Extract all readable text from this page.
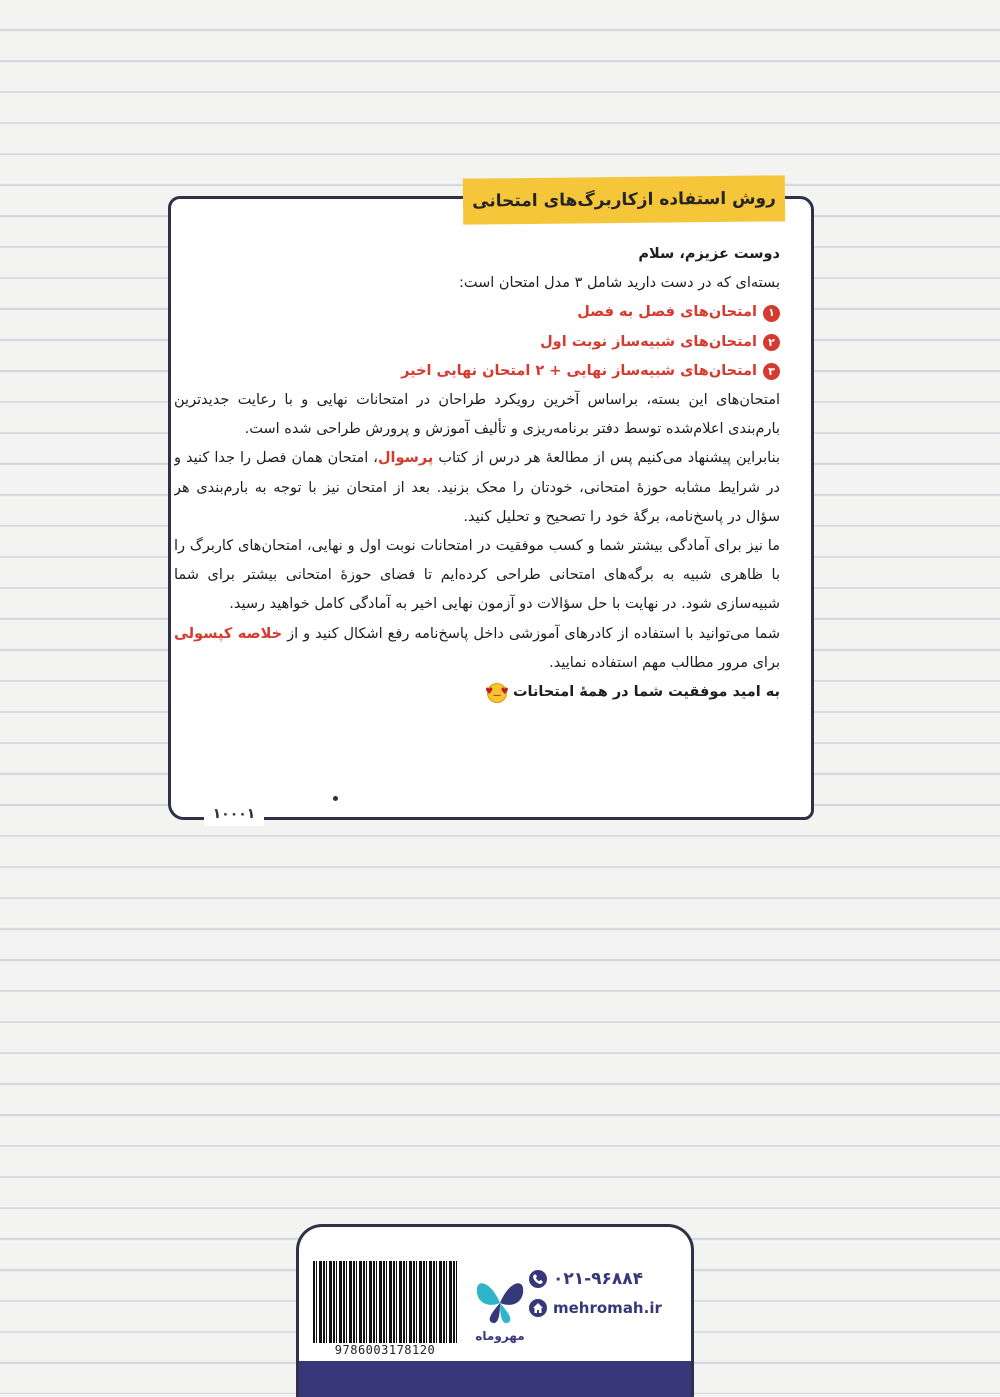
روش استفاده ازکاربرگ‌های امتحانی

دوست عزیزم، سلام

بسته‌ای که در دست دارید شامل ۳ مدل امتحان است:

۱
امتحان‌های فصل به فصل

۲
امتحان‌های شبیه‌ساز نوبت اول

۳
امتحان‌های شبیه‌ساز نهایی + ۲ امتحان نهایی اخیر

امتحان‌های این بسته، براساس آخرین رویکرد طراحان در امتحانات نهایی و با رعایت جدیدترین بارم‌بندی اعلام‌شده توسط دفتر برنامه‌ریزی و تألیف آموزش و پرورش طراحی شده است.

بنابراین پیشنهاد می‌کنیم پس از مطالعهٔ هر درس از کتاب پرسوال، امتحان همان فصل را جدا کنید و در شرایط مشابه حوزهٔ امتحانی، خودتان را محک بزنید. بعد از امتحان نیز با توجه به بارم‌بندی هر سؤال در پاسخ‌نامه، برگهٔ خود را تصحیح و تحلیل کنید.

ما نیز برای آمادگی بیشتر شما و کسب موفقیت در امتحانات نوبت اول و نهایی، امتحان‌های کاربرگ را با ظاهری شبیه به برگه‌های امتحانی طراحی کرده‌ایم تا فضای حوزهٔ امتحانی بیشتر برای شما شبیه‌سازی شود. در نهایت با حل سؤالات دو آزمون نهایی اخیر به آمادگی کامل خواهید رسید.

شما می‌توانید با استفاده از کادرهای آموزشی داخل پاسخ‌نامه رفع اشکال کنید و از خلاصه کپسولی برای مرور مطالب مهم استفاده نمایید.

به امید موفقیت شما در همهٔ امتحانات
♥‿♥

۱۰۰۰۱
9786003178120
مهروماه
۰۲۱-۹۶۸۸۴
mehromah.ir
